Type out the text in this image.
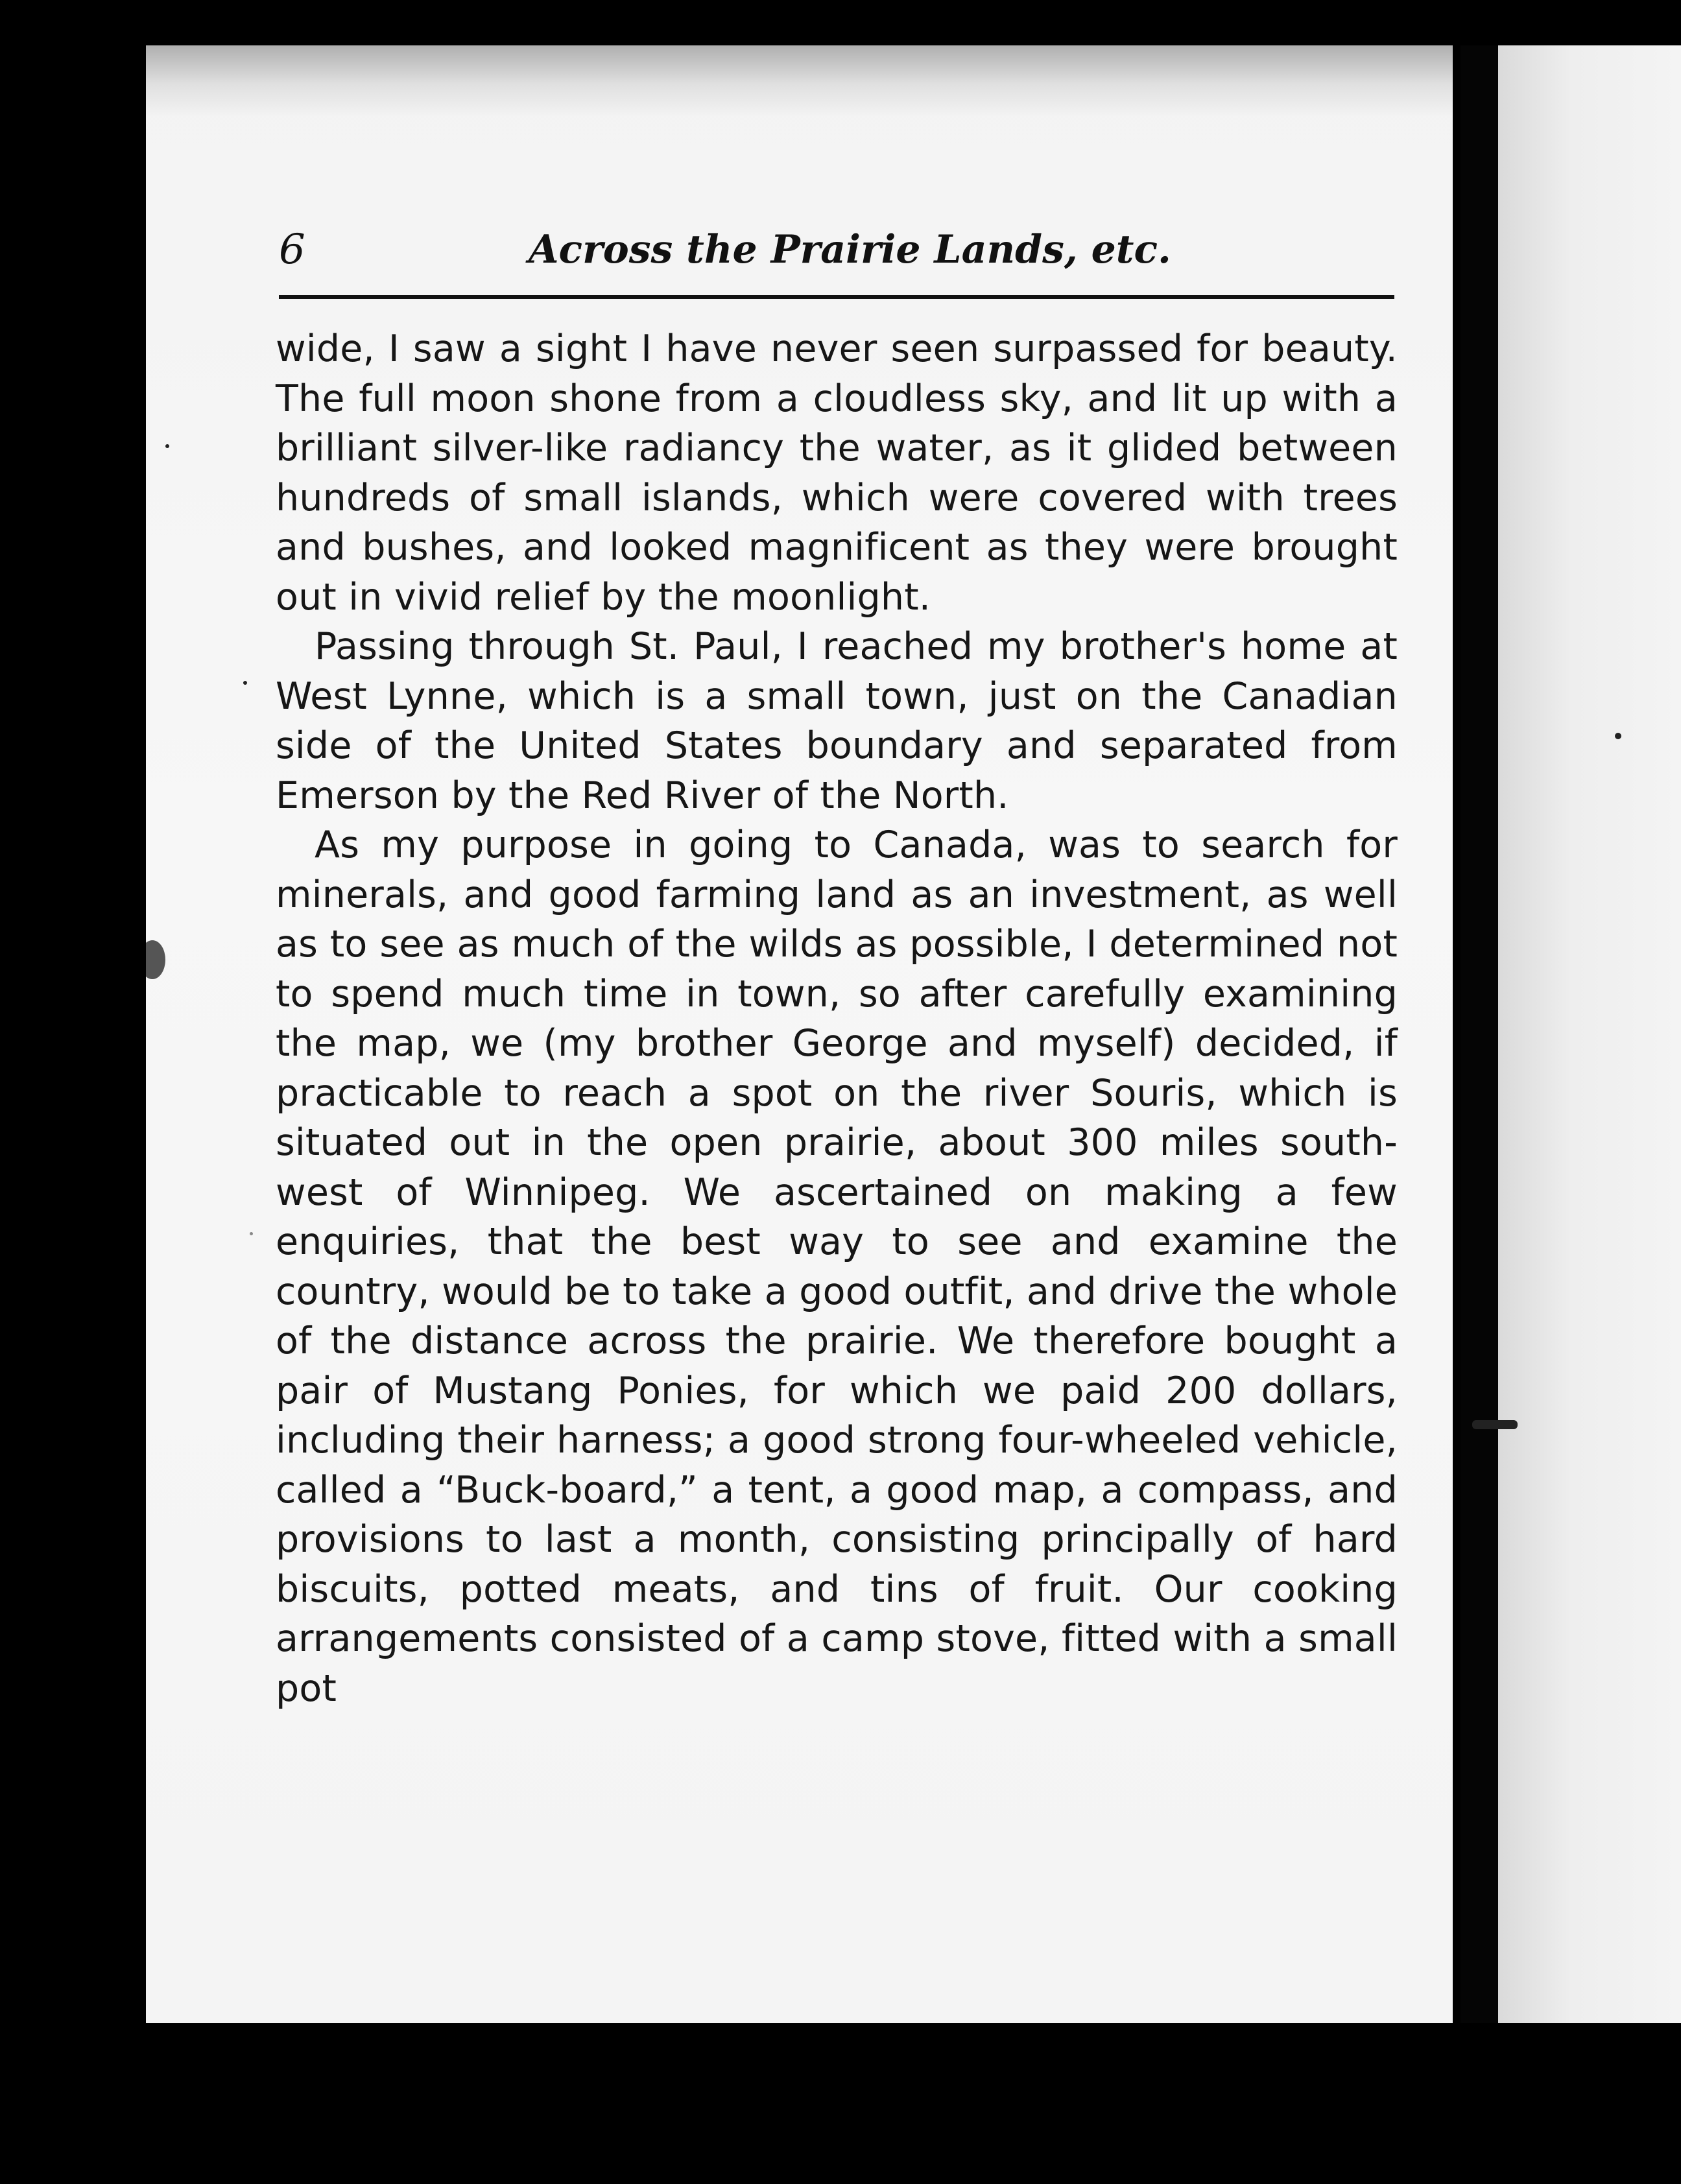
6	Across the Prairie Lands, etc.

wide, I saw a sight I have never seen surpassed for beauty. The full moon shone from a cloudless sky, and lit up with a brilliant silver-like radiancy the water, as it glided between hundreds of small islands, which were covered with trees and bushes, and looked magnificent as they were brought out in vivid relief by the moonlight.

Passing through St. Paul, I reached my brother's home at West Lynne, which is a small town, just on the Canadian side of the United States boundary and separated from Emerson by the Red River of the North.

As my purpose in going to Canada, was to search for minerals, and good farming land as an investment, as well as to see as much of the wilds as possible, I determined not to spend much time in town, so after carefully examining the map, we (my brother George and myself) decided, if practicable to reach a spot on the river Souris, which is situated out in the open prairie, about 300 miles south-west of Winnipeg. We ascertained on making a few enquiries, that the best way to see and examine the country, would be to take a good outfit, and drive the whole of the distance across the prairie. We therefore bought a pair of Mustang Ponies, for which we paid 200 dollars, including their harness; a good strong four-wheeled vehicle, called a “Buck-board,” a tent, a good map, a compass, and provisions to last a month, consisting principally of hard biscuits, potted meats, and tins of fruit. Our cooking arrangements consisted of a camp stove, fitted with a small pot
